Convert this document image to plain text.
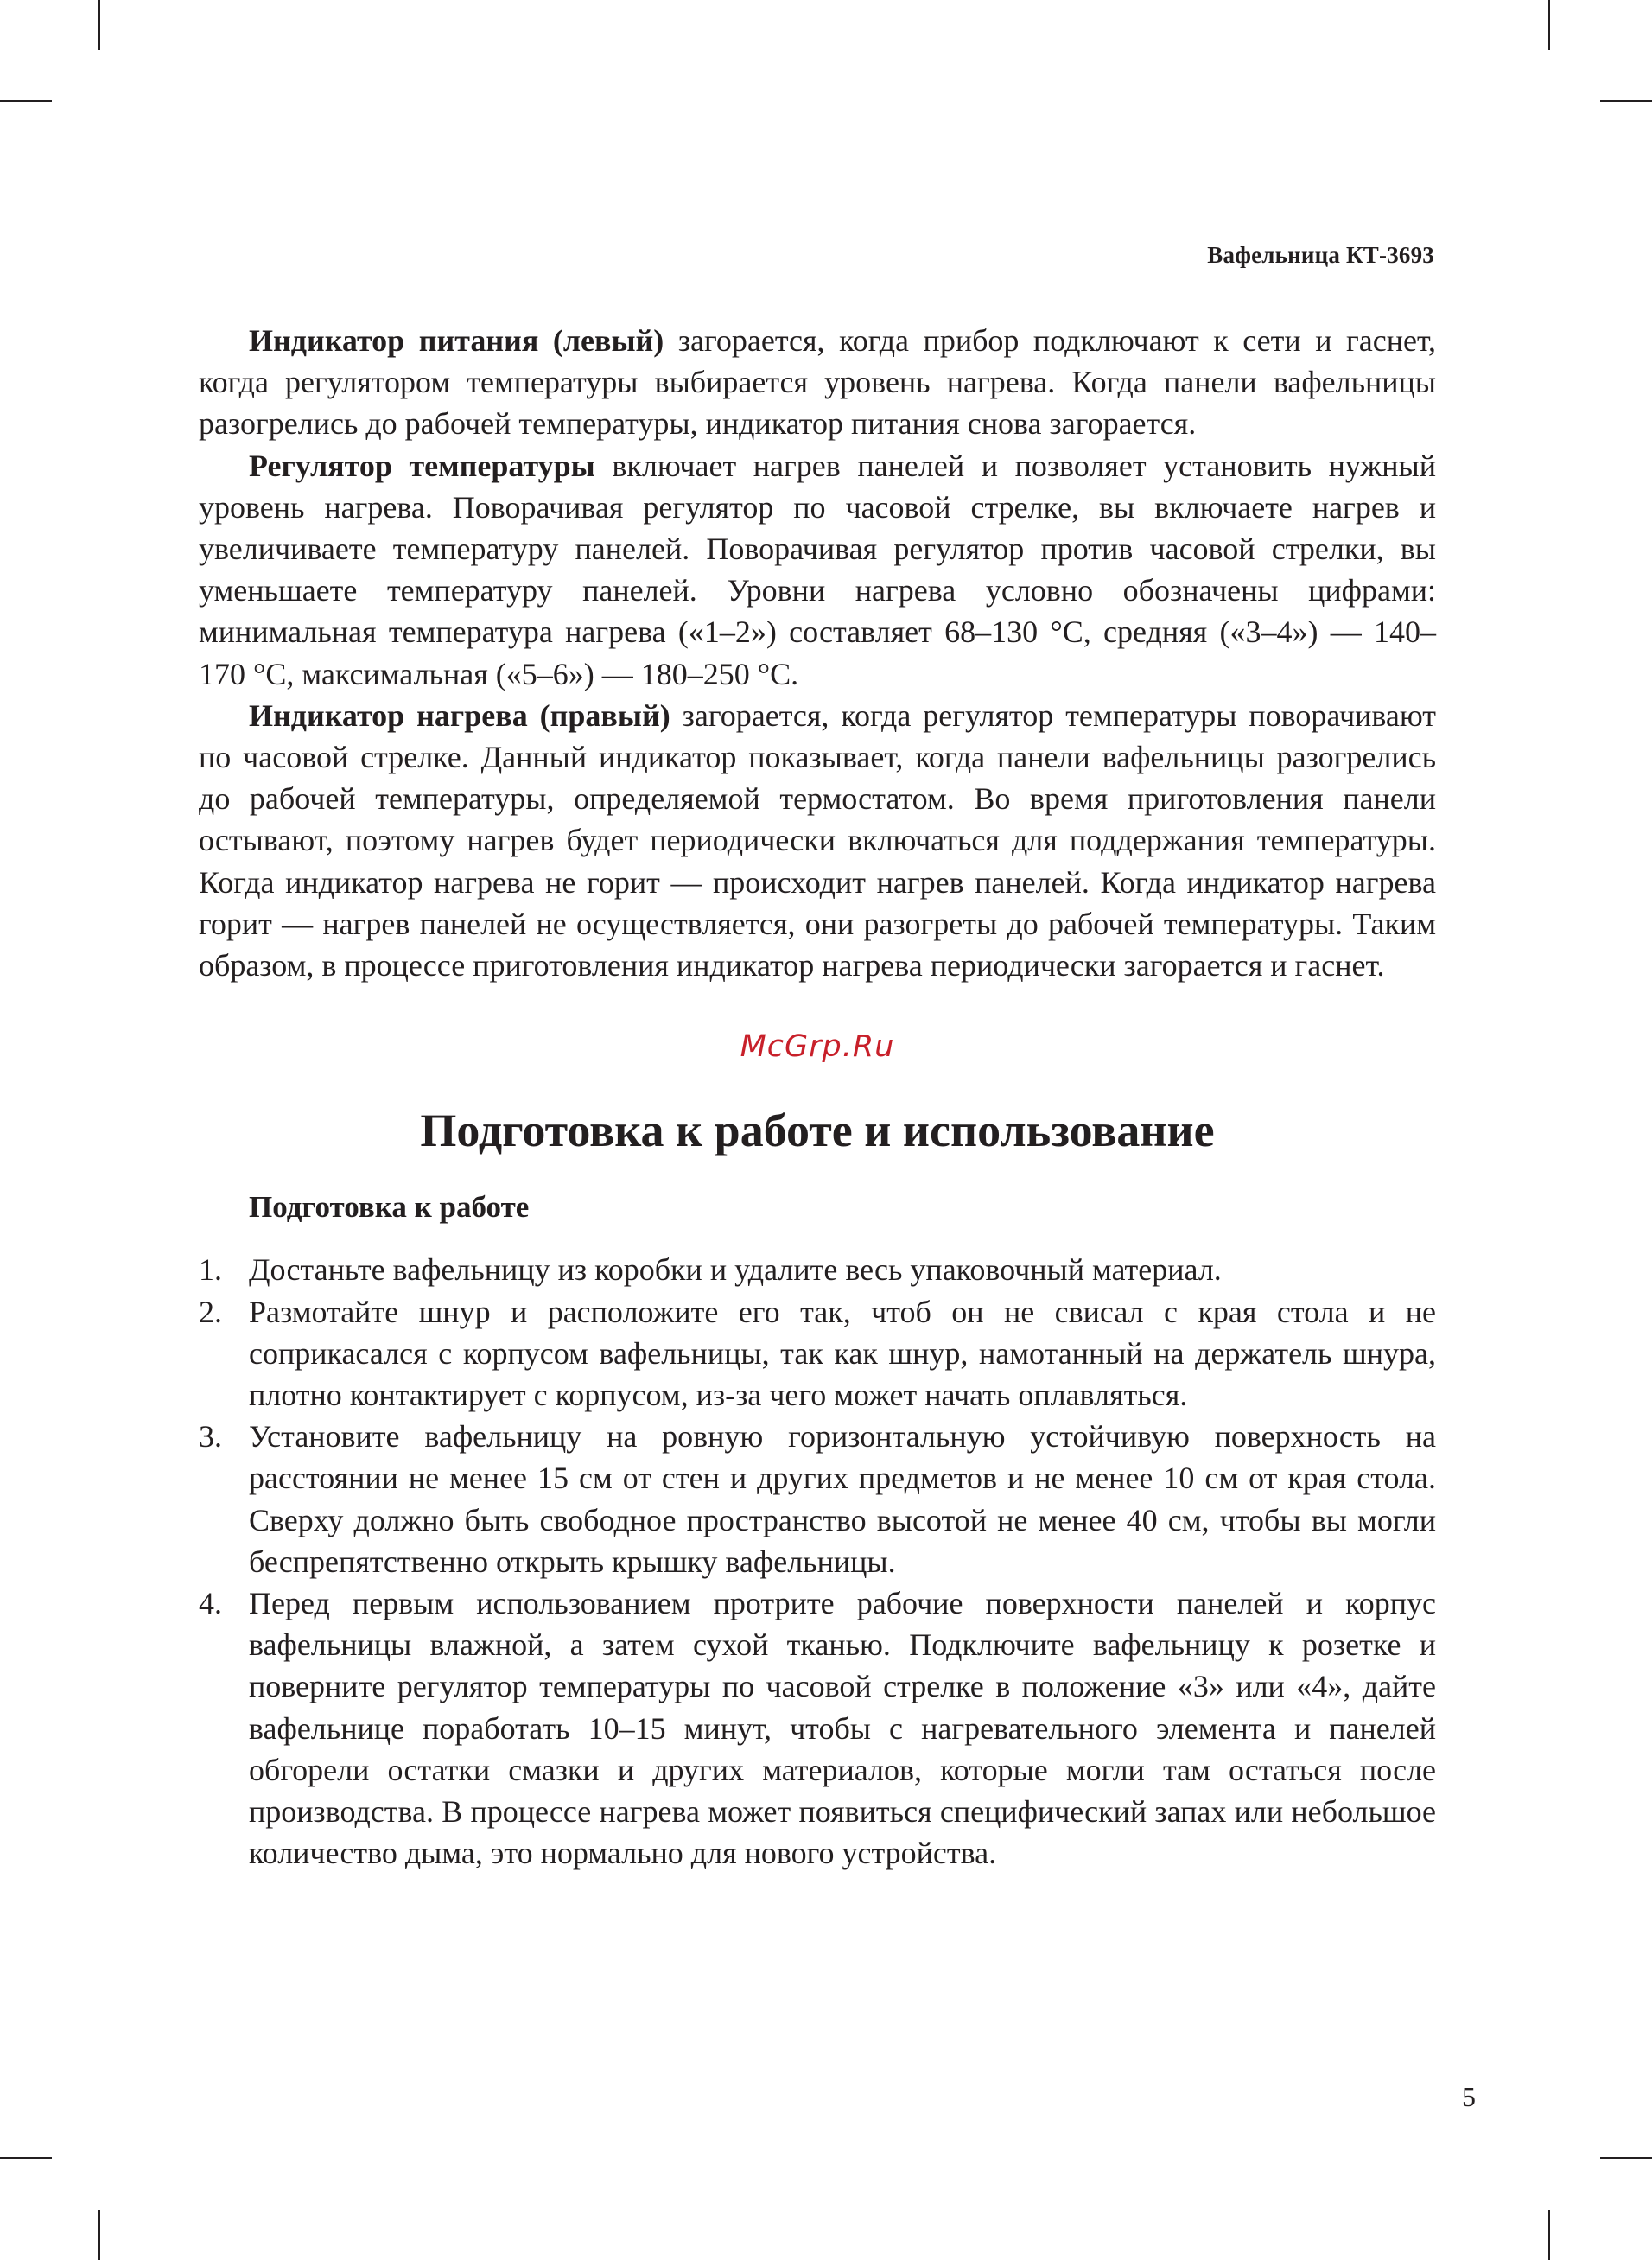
Вафельница КТ-3693

Индикатор питания (левый) загорается, когда прибор подключают к сети и гаснет, когда регулятором температуры выбирается уровень нагрева. Когда панели вафельницы разогрелись до рабочей температуры, индикатор питания снова загорается.

Регулятор температуры включает нагрев панелей и позволяет установить нужный уровень нагрева. Поворачивая регулятор по часовой стрелке, вы включаете нагрев и увеличиваете температуру панелей. Поворачивая регулятор против часовой стрелки, вы уменьшаете температуру панелей. Уровни нагрева условно обозначены цифрами: минимальная температура нагрева («1–2») составляет 68–130 °С, средняя («3–4») — 140–170 °С, максимальная («5–6») — 180–250 °С.

Индикатор нагрева (правый) загорается, когда регулятор температуры поворачивают по часовой стрелке. Данный индикатор показывает, когда панели вафельницы разогрелись до рабочей температуры, определяемой термостатом. Во время приготовления панели остывают, поэтому нагрев будет периодически включаться для поддержания температуры. Когда индикатор нагрева не горит — происходит нагрев панелей. Когда индикатор нагрева горит — нагрев панелей не осуществляется, они разогреты до рабочей температуры. Таким образом, в процессе приготовления индикатор нагрева периодически загорается и гаснет.

McGrp.Ru
Подготовка к работе и использование
Подготовка к работе
1. Достаньте вафельницу из коробки и удалите весь упаковочный материал.
2. Размотайте шнур и расположите его так, чтоб он не свисал с края стола и не соприкасался с корпусом вафельницы, так как шнур, намотанный на держатель шнура, плотно контактирует с корпусом, из-за чего может начать оплавляться.
3. Установите вафельницу на ровную горизонтальную устойчивую поверхность на расстоянии не менее 15 см от стен и других предметов и не менее 10 см от края стола. Сверху должно быть свободное пространство высотой не менее 40 см, чтобы вы могли беспрепятственно открыть крышку вафельницы.
4. Перед первым использованием протрите рабочие поверхности панелей и корпус вафельницы влажной, а затем сухой тканью. Подключите вафельницу к розетке и поверните регулятор температуры по часовой стрелке в положение «3» или «4», дайте вафельнице поработать 10–15 минут, чтобы с нагревательного элемента и панелей обгорели остатки смазки и других материалов, которые могли там остаться после производства. В процессе нагрева может появиться специфический запах или небольшое количество дыма, это нормально для нового устройства.
5
